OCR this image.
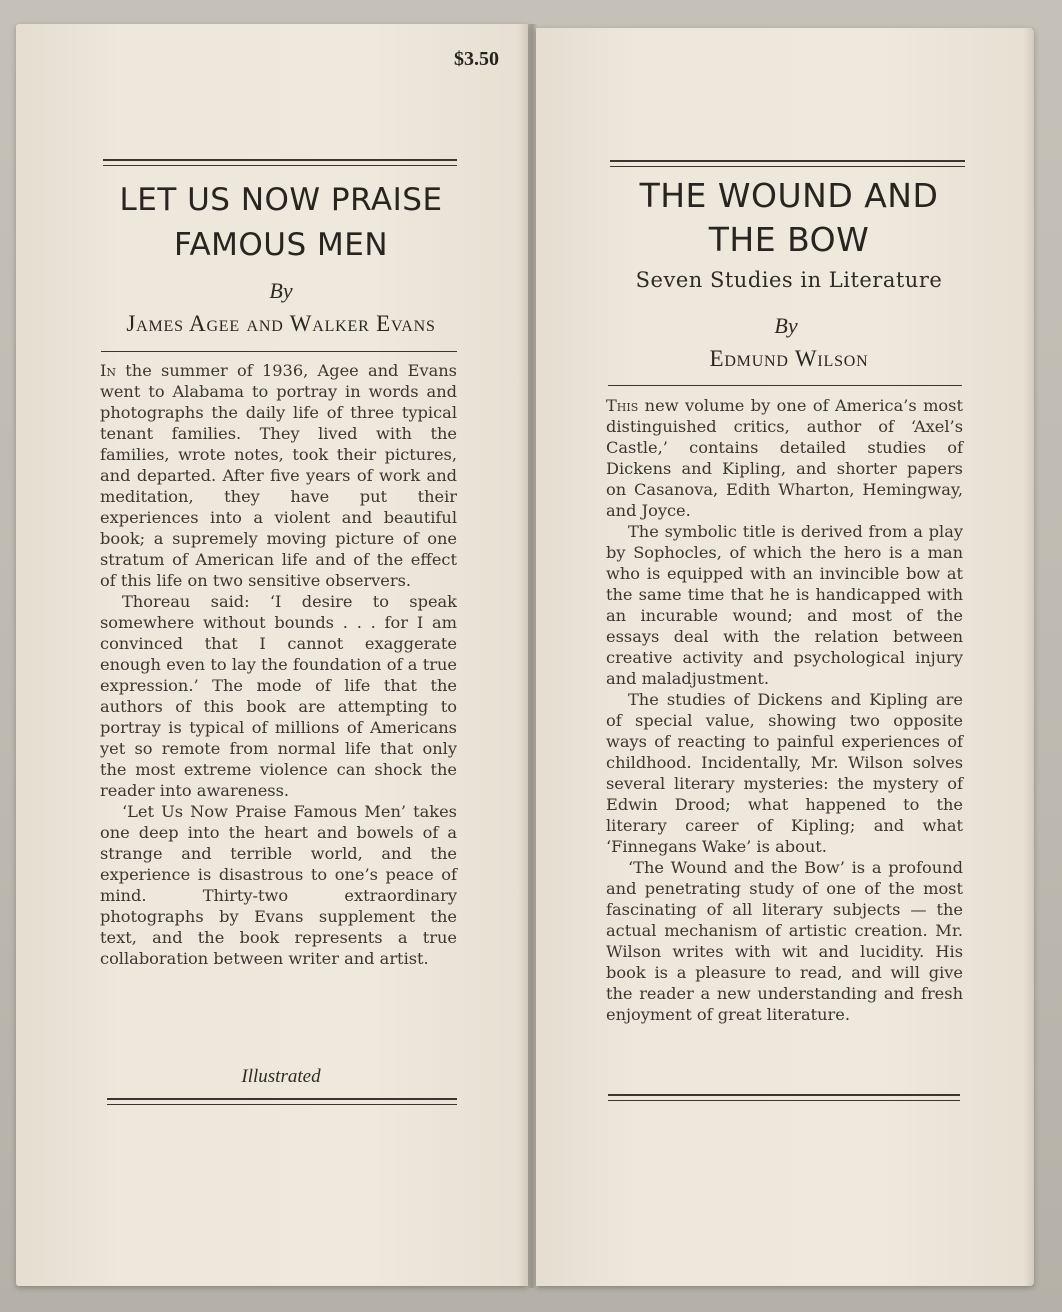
$3.50
LET US NOW PRAISE
FAMOUS MEN
By
James Agee and Walker Evans

In the summer of 1936, Agee and Evans went to Alabama to portray in words and photographs the daily life of three typical tenant families. They lived with the families, wrote notes, took their pictures, and departed. After five years of work and meditation, they have put their experiences into a violent and beautiful book; a supremely moving picture of one stratum of American life and of the effect of this life on two sensitive observers.

Thoreau said: ‘I desire to speak somewhere without bounds . . . for I am convinced that I cannot exaggerate enough even to lay the foundation of a true expression.’ The mode of life that the authors of this book are attempting to portray is typical of millions of Americans yet so remote from normal life that only the most extreme violence can shock the reader into awareness.

‘Let Us Now Praise Famous Men’ takes one deep into the heart and bowels of a strange and terrible world, and the experience is disastrous to one’s peace of mind. Thirty-two extraordinary photographs by Evans supplement the text, and the book represents a true collaboration between writer and artist.

Illustrated
THE WOUND AND
THE BOW
Seven Studies in Literature
By
Edmund Wilson

This new volume by one of America’s most distinguished critics, author of ‘Axel’s Castle,’ contains detailed studies of Dickens and Kipling, and shorter papers on Casanova, Edith Wharton, Hemingway, and Joyce.

The symbolic title is derived from a play by Sophocles, of which the hero is a man who is equipped with an invincible bow at the same time that he is handicapped with an incurable wound; and most of the essays deal with the relation between creative activity and psychological injury and maladjustment.

The studies of Dickens and Kipling are of special value, showing two opposite ways of reacting to painful experiences of childhood. Incidentally, Mr. Wilson solves several literary mysteries: the mystery of Edwin Drood; what happened to the literary career of Kipling; and what ‘Finnegans Wake’ is about.

‘The Wound and the Bow’ is a profound and penetrating study of one of the most fascinating of all literary subjects — the actual mechanism of artistic creation. Mr. Wilson writes with wit and lucidity. His book is a pleasure to read, and will give the reader a new understanding and fresh enjoyment of great literature.
